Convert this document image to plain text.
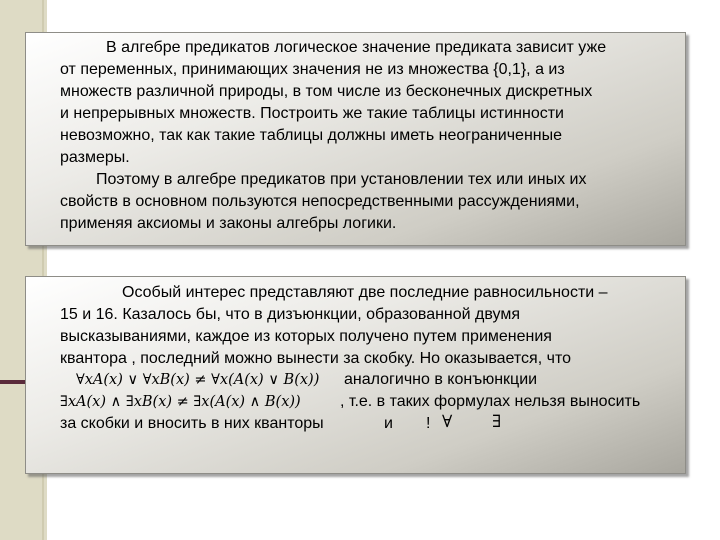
В алгебре предикатов логическое значение предиката зависит уже

от переменных, принимающих значения не из множества {0,1}, а из

множеств различной природы, в том числе из бесконечных дискретных

и непрерывных множеств. Построить же такие таблицы истинности

невозможно, так как такие таблицы должны иметь неограниченные

размеры.

Поэтому в алгебре предикатов при установлении тех или иных их

свойств в основном пользуются непосредственными рассуждениями,

применяя аксиомы и законы алгебры логики.

Особый интерес представляют две последние равносильности –

15 и 16. Казалось бы, что в дизъюнкции, образованной двумя

высказываниями, каждое из которых получено путем применения

квантора , последний можно вынести за скобку. Но оказывается, что

∀xA(x) ∨ ∀xB(x) ≠ ∀x(A(x) ∨ B(x)) аналогично в конъюнкции

∃xA(x) ∧ ∃xB(x) ≠ ∃x(A(x) ∧ B(x)) , т.е. в таких формулах нельзя выносить

за скобки и вносить в них кванторы	и ! ∀ ∃
